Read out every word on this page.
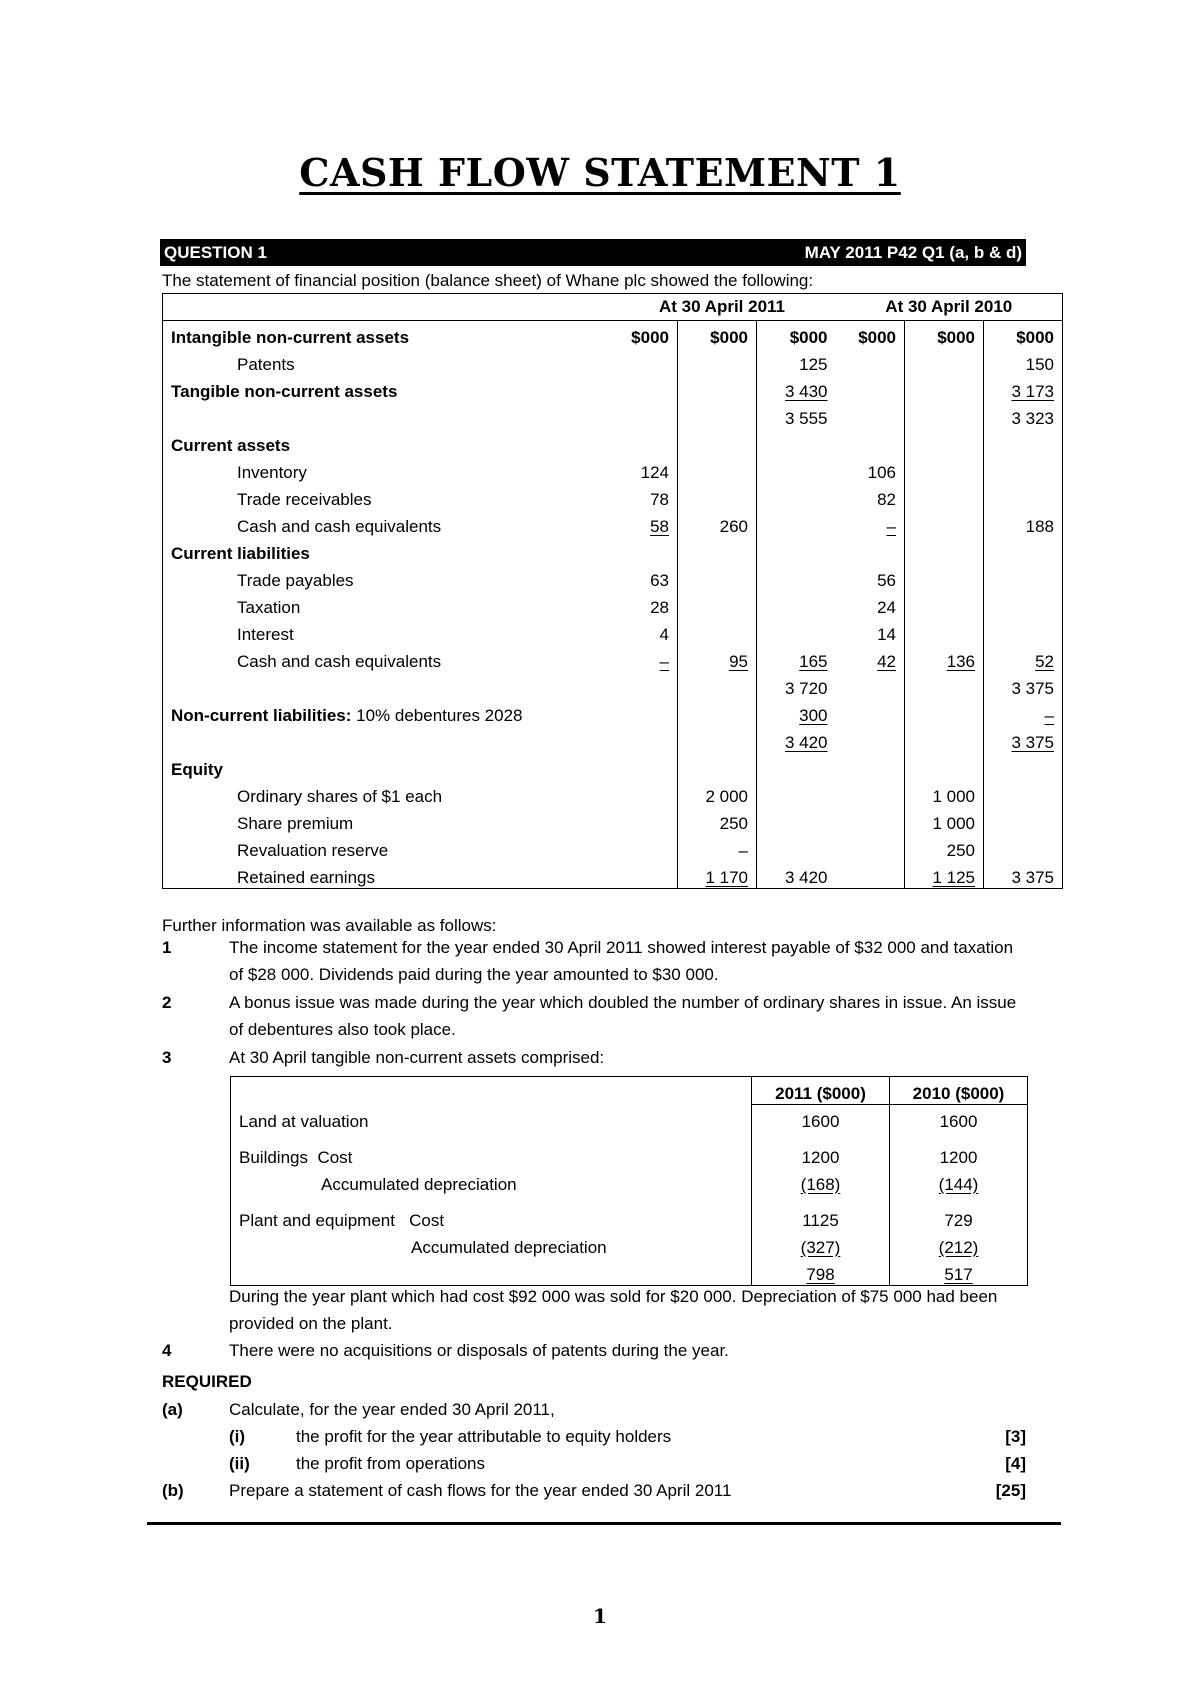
CASH FLOW STATEMENT 1
QUESTION 1	MAY 2011 P42 Q1 (a, b & d)
The statement of financial position (balance sheet) of Whane plc showed the following:
	At 30 April 2011			At 30 April 2010		
Intangible non-current assets	$000	$000	$000	$000	$000	$000
Patents			125			150
Tangible non-current assets			3 430			3 173
			3 555			3 323
Current assets						
Inventory	124			106		
Trade receivables	78			82		
Cash and cash equivalents	58	260		–		188
Current liabilities						
Trade payables	63			56		
Taxation	28			24		
Interest	4			14		
Cash and cash equivalents	–	95	165	42	136	52
			3 720			3 375
Non-current liabilities: 10% debentures 2028			300			–
			3 420			3 375
Equity						
Ordinary shares of $1 each		2 000			1 000	
Share premium		250			1 000	
Revaluation reserve		–			250	
Retained earnings		1 170	3 420		1 125	3 375
Further information was available as follows:
1	The income statement for the year ended 30 April 2011 showed interest payable of $32 000 and taxation of $28 000. Dividends paid during the year amounted to $30 000.
2	A bonus issue was made during the year which doubled the number of ordinary shares in issue. An issue of debentures also took place.
3	At 30 April tangible non-current assets comprised:
	2011 ($000)	2010 ($000)
Land at valuation	1600	1600
Buildings Cost	1200	1200
Accumulated depreciation	(168)	(144)
Plant and equipment Cost	1125	729
Accumulated depreciation	(327)	(212)
	798	517
During the year plant which had cost $92 000 was sold for $20 000. Depreciation of $75 000 had been provided on the plant.
4	There were no acquisitions or disposals of patents during the year.
REQUIRED
(a)	Calculate, for the year ended 30 April 2011,
(i)	the profit for the year attributable to equity holders	[3]
(ii)	the profit from operations	[4]
(b)	Prepare a statement of cash flows for the year ended 30 April 2011	[25]
1
